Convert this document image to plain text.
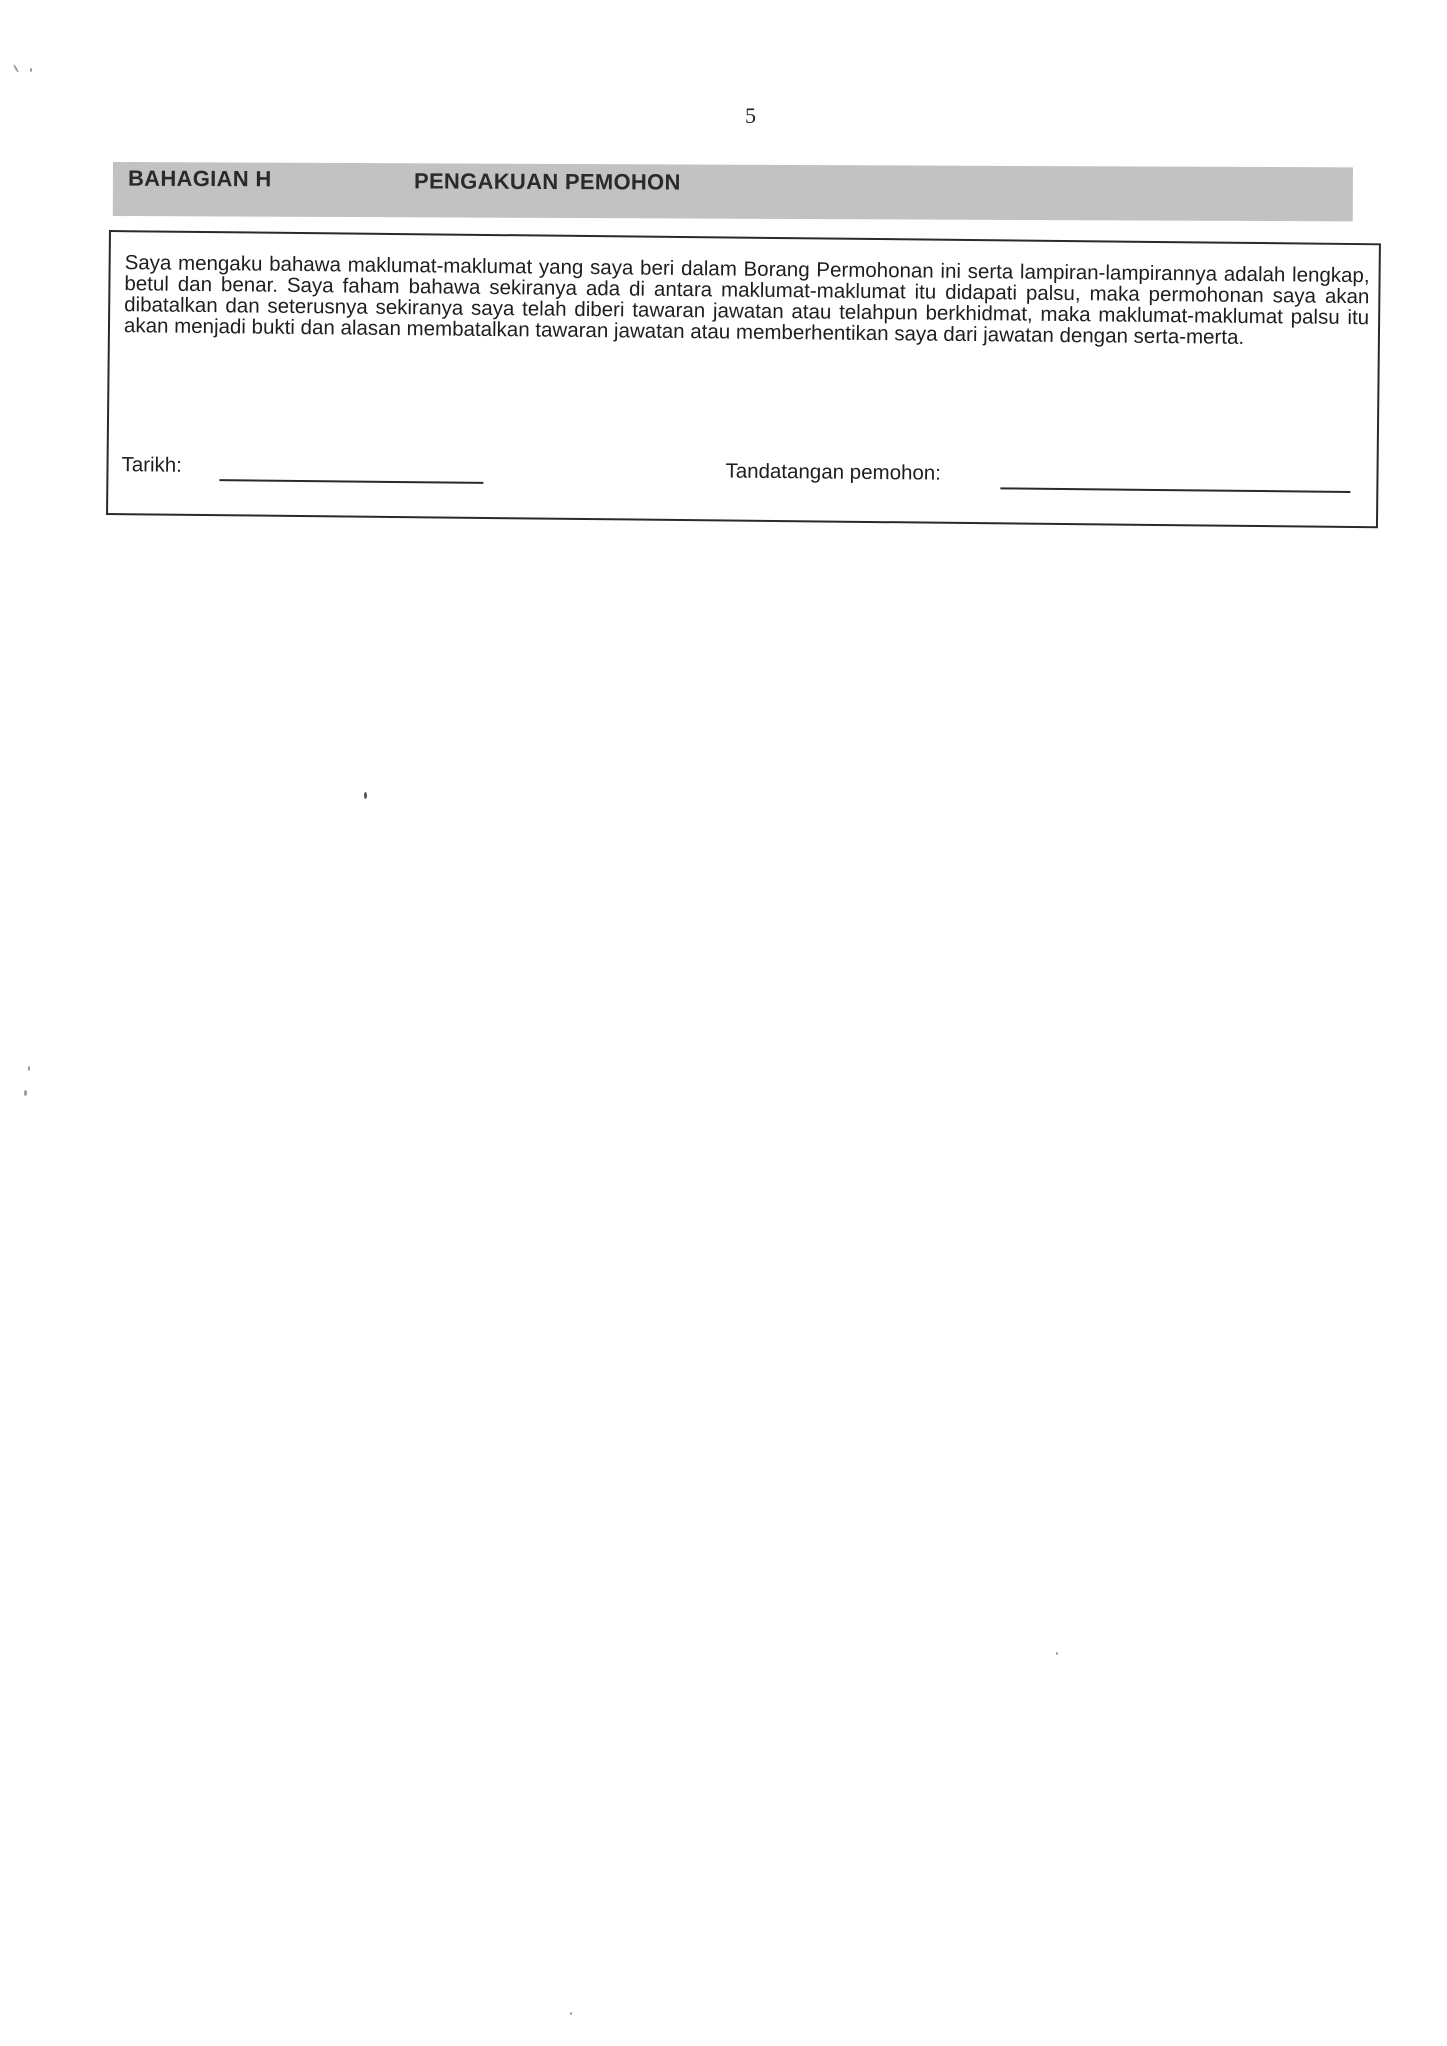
5
BAHAGIAN H	PENGAKUAN PEMOHON

Saya mengaku bahawa maklumat-maklumat yang saya beri dalam Borang Permohonan ini serta lampiran-lampirannya adalah lengkap, betul dan benar. Saya faham bahawa sekiranya ada di antara maklumat-maklumat itu didapati palsu, maka permohonan saya akan dibatalkan dan seterusnya sekiranya saya telah diberi tawaran jawatan atau telahpun berkhidmat, maka maklumat-maklumat palsu itu akan menjadi bukti dan alasan membatalkan tawaran jawatan atau memberhentikan saya dari jawatan dengan serta-merta.

Tarikh:	Tandatangan pemohon:
